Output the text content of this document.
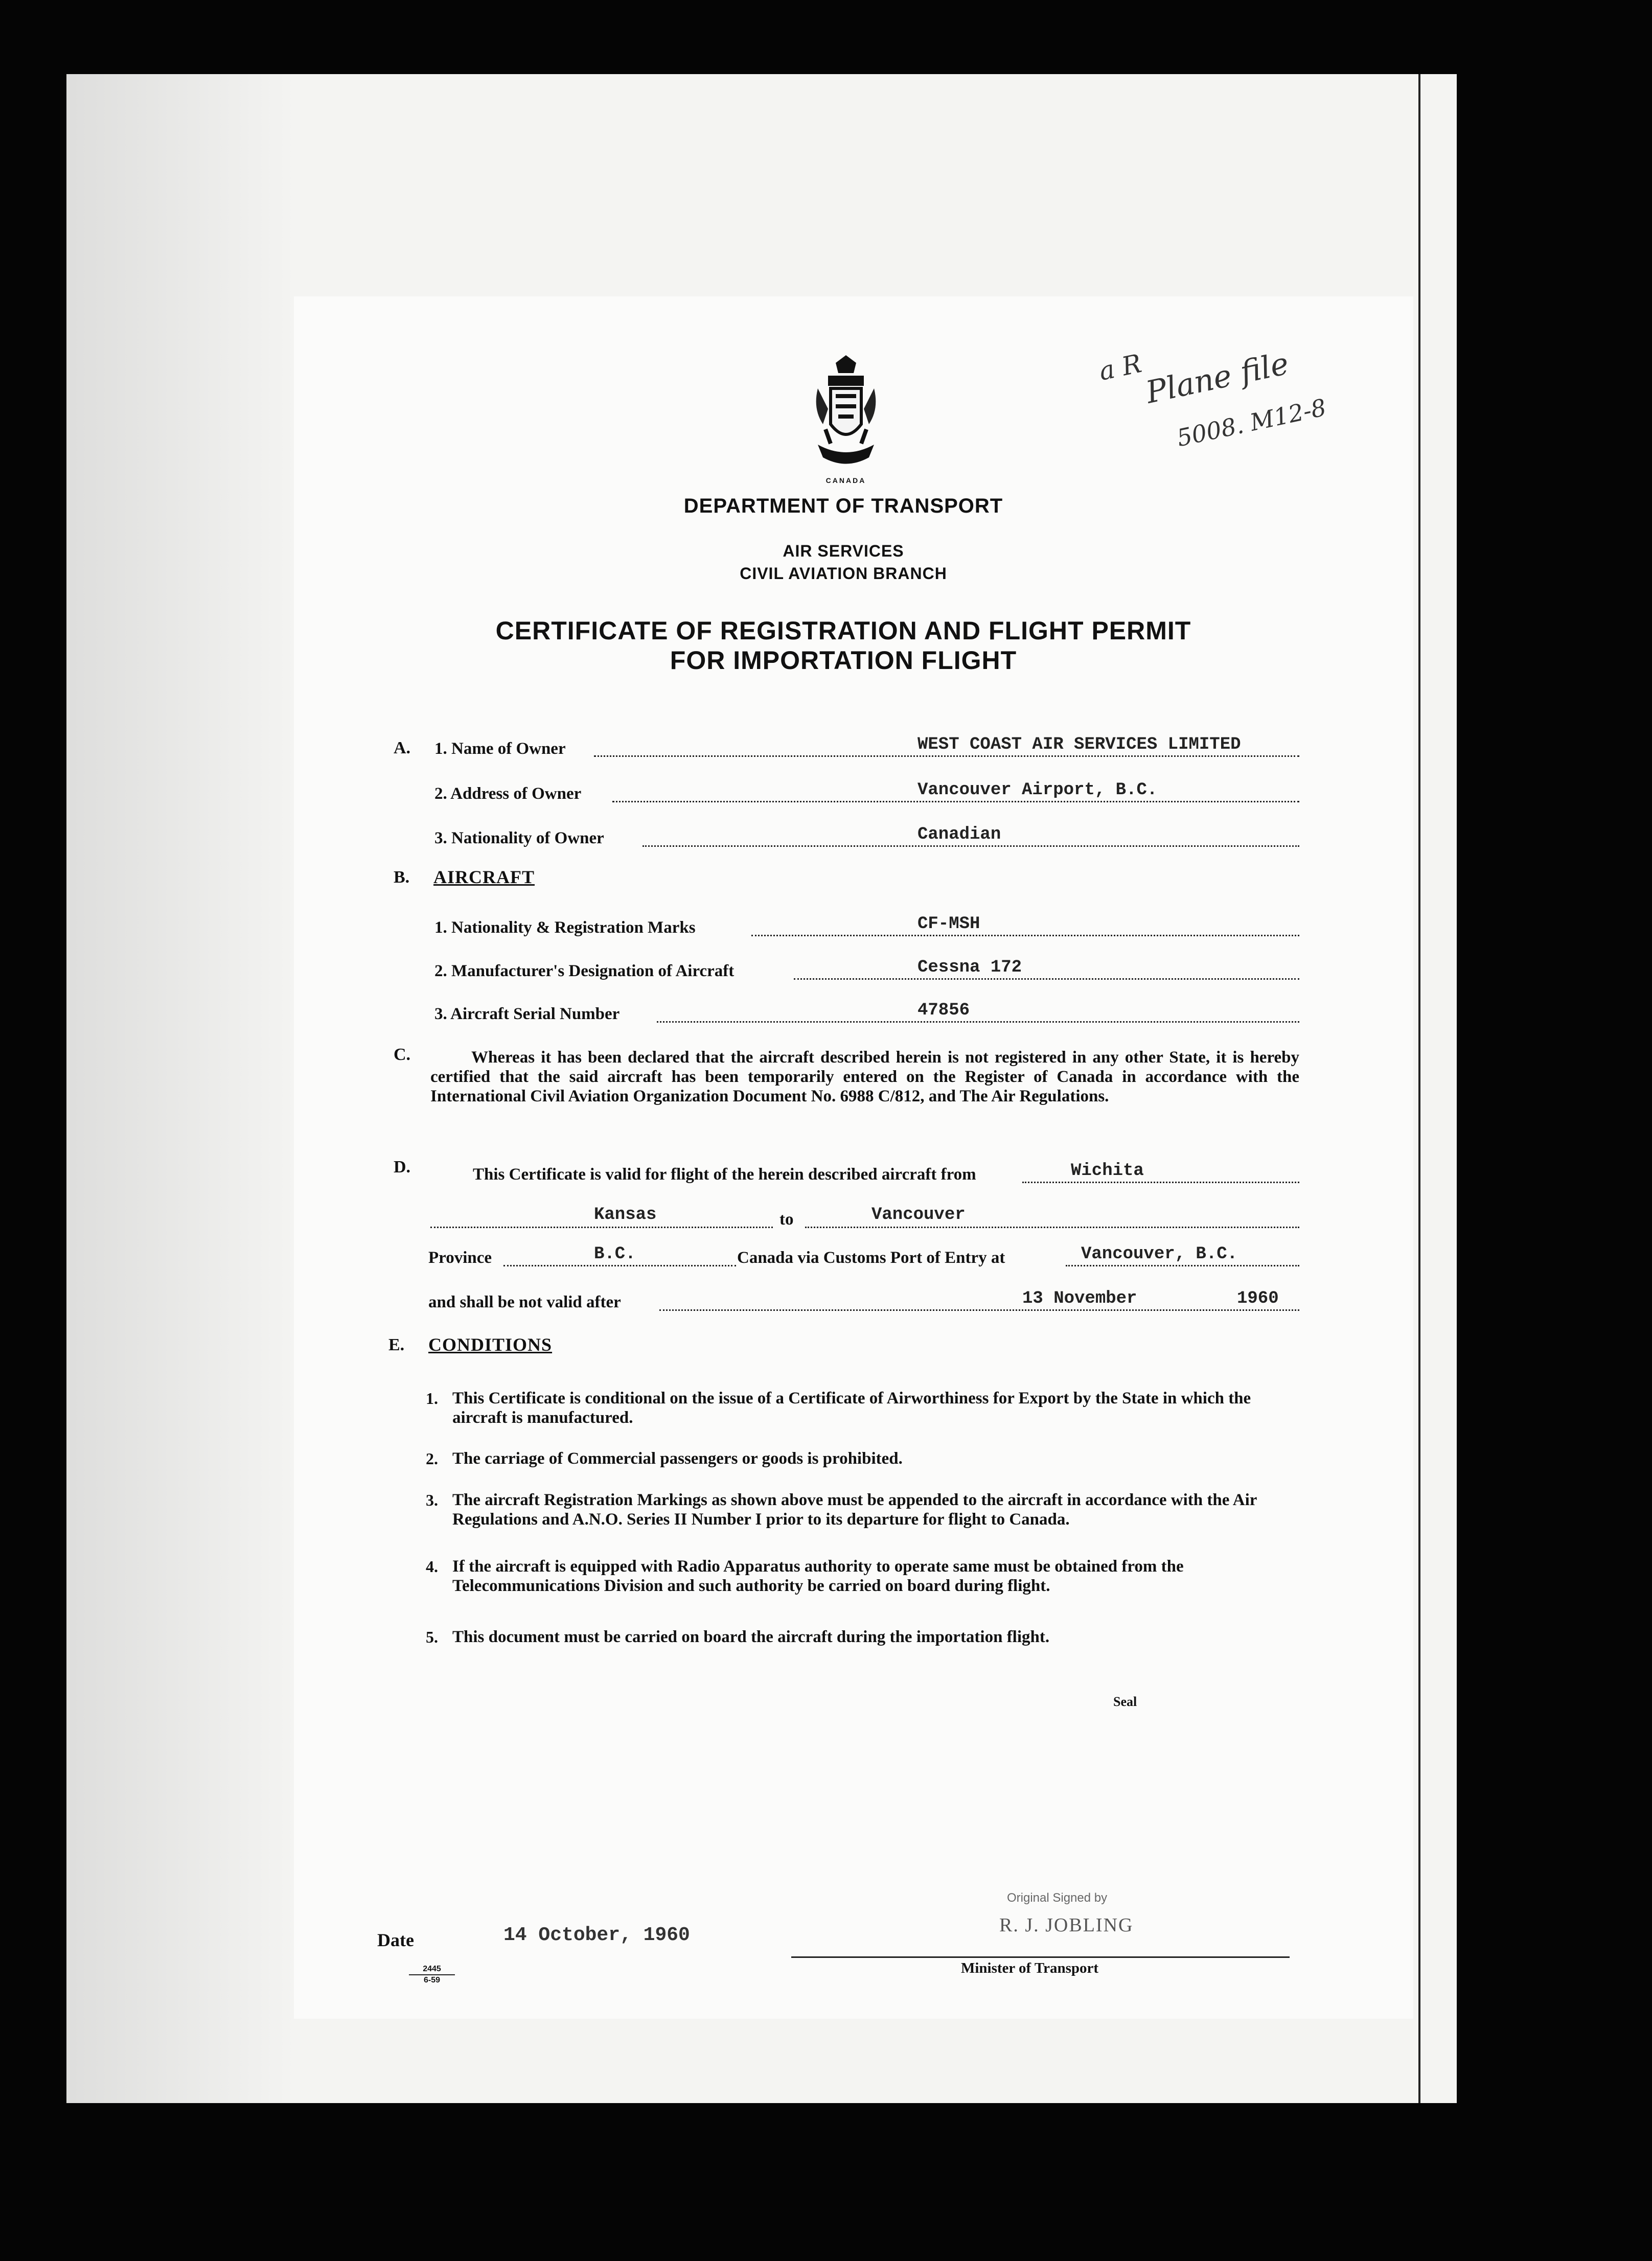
CANADA
DEPARTMENT OF TRANSPORT
AIR SERVICES
CIVIL AVIATION BRANCH
CERTIFICATE OF REGISTRATION AND FLIGHT PERMIT
FOR IMPORTATION FLIGHT
a R
Plane file
5008. M12-8
A. 1. Name of Owner	WEST COAST AIR SERVICES LIMITED
2. Address of Owner	Vancouver Airport, B.C.
3. Nationality of Owner	Canadian
B. AIRCRAFT
1. Nationality & Registration Marks	CF-MSH
2. Manufacturer's Designation of Aircraft	Cessna 172
3. Aircraft Serial Number	47856
C.	Whereas it has been declared that the aircraft described herein is not registered in any other State, it is hereby certified that the said aircraft has been temporarily entered on the Register of Canada in accordance with the International Civil Aviation Organization Document No. 6988 C/812, and The Air Regulations.
D.	This Certificate is valid for flight of the herein described aircraft from	Wichita
Kansas	to	Vancouver
Province	B.C.	Canada via Customs Port of Entry at	Vancouver, B.C.
and shall be not valid after	13 November	1960
E. CONDITIONS
1. This Certificate is conditional on the issue of a Certificate of Airworthiness for Export by the State in which the aircraft is manufactured.
2. The carriage of Commercial passengers or goods is prohibited.
3. The aircraft Registration Markings as shown above must be appended to the aircraft in accordance with the Air Regulations and A.N.O. Series II Number I prior to its departure for flight to Canada.
4. If the aircraft is equipped with Radio Apparatus authority to operate same must be obtained from the Telecommunications Division and such authority be carried on board during flight.
5. This document must be carried on board the aircraft during the importation flight.
Seal
Date	14 October, 1960
Original Signed by
R. J. JOBLING
Minister of Transport
2445
6-59
